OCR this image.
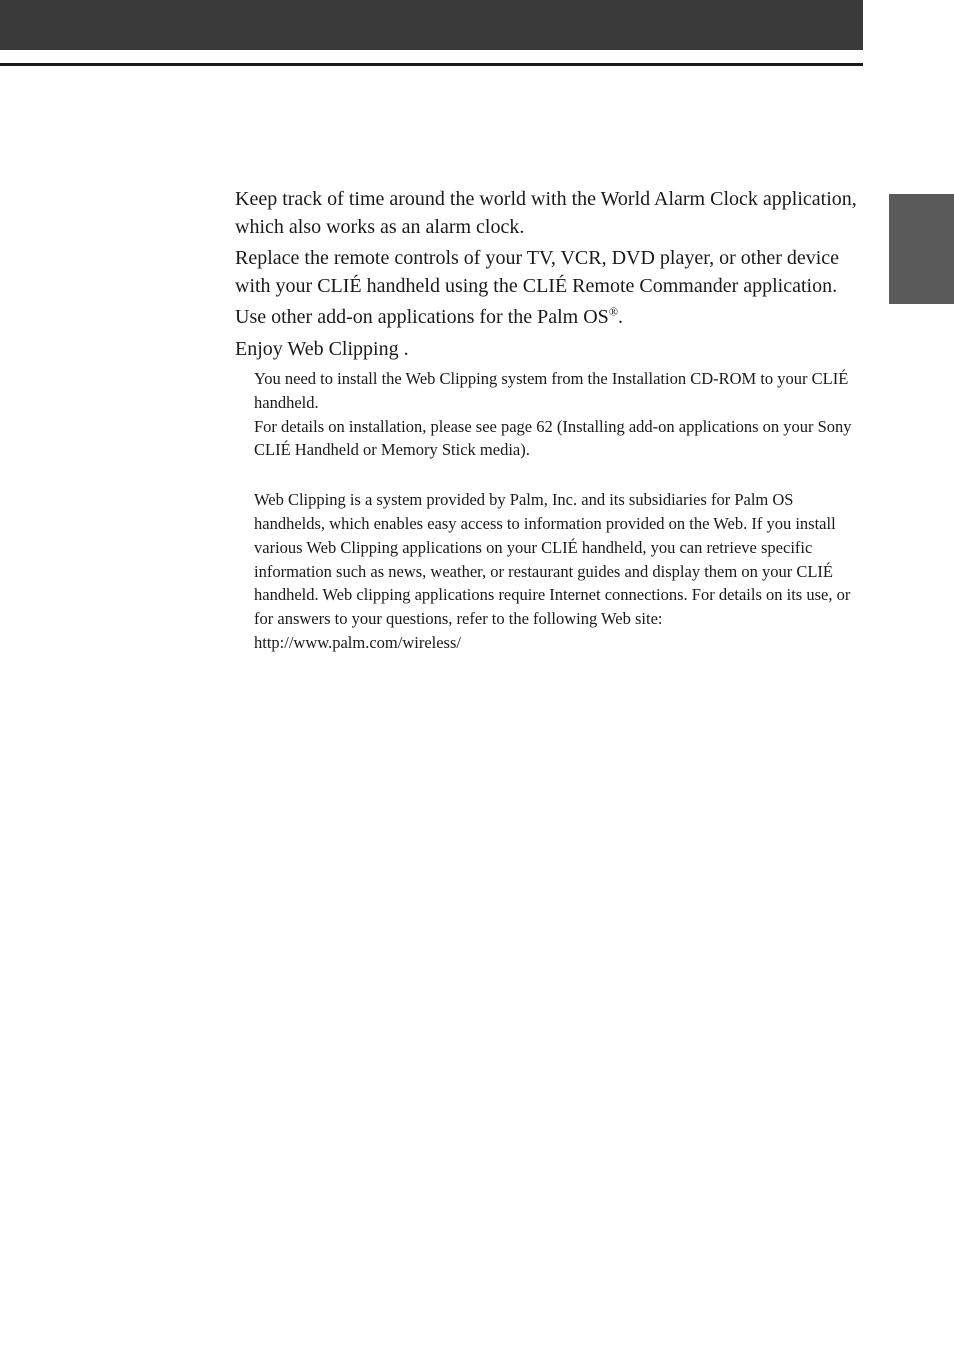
Keep track of time around the world with the World Alarm Clock application, which also works as an alarm clock.

Replace the remote controls of your TV, VCR, DVD player, or other device with your CLIÉ handheld using the CLIÉ Remote Commander application.

Use other add-on applications for the Palm OS®.

Enjoy Web Clipping .

You need to install the Web Clipping system from the Installation CD-ROM to your CLIÉ handheld.

For details on installation, please see page 62 (Installing add-on applications on your Sony CLIÉ Handheld or Memory Stick media).

Web Clipping is a system provided by Palm, Inc. and its subsidiaries for Palm OS handhelds, which enables easy access to information provided on the Web. If you install various Web Clipping applications on your CLIÉ handheld, you can retrieve specific information such as news, weather, or restaurant guides and display them on your CLIÉ handheld. Web clipping applications require Internet connections. For details on its use, or for answers to your questions, refer to the following Web site:

http://www.palm.com/wireless/
